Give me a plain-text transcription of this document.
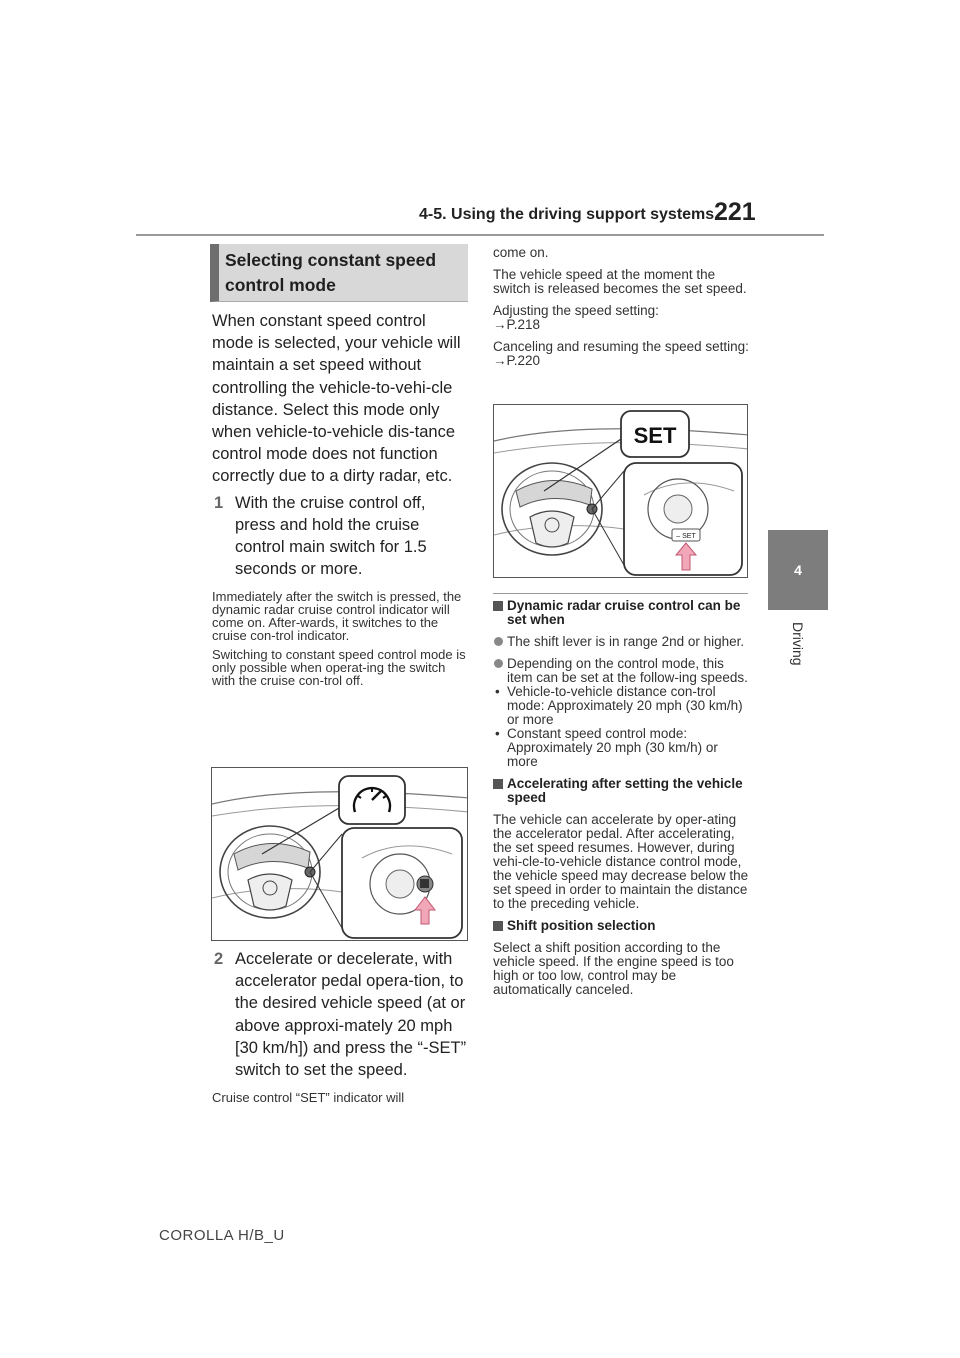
4-5. Using the driving support systems 221
4
Driving
Selecting constant speed control mode

When constant speed control mode is selected, your vehicle will maintain a set speed without controlling the vehicle-to-vehi-cle distance. Select this mode only when vehicle-to-vehicle dis-tance control mode does not function correctly due to a dirty radar, etc.

1 With the cruise control off, press and hold the cruise control main switch for 1.5 seconds or more.

Immediately after the switch is pressed, the dynamic radar cruise control indicator will come on. After-wards, it switches to the cruise con-trol indicator.

Switching to constant speed control mode is only possible when operat-ing the switch with the cruise con-trol off.

2 Accelerate or decelerate, with accelerator pedal opera-tion, to the desired vehicle speed (at or above approxi-mately 20 mph [30 km/h]) and press the “-SET” switch to set the speed.

Cruise control “SET” indicator will

come on.

The vehicle speed at the moment the switch is released becomes the set speed.

Adjusting the speed setting:
→P.218

Canceling and resuming the speed setting: →P.220

SET
– SET

Dynamic radar cruise control can be set when

The shift lever is in range 2nd or higher.

Depending on the control mode, this item can be set at the follow-ing speeds.

• Vehicle-to-vehicle distance con-trol mode: Approximately 20 mph (30 km/h) or more

• Constant speed control mode: Approximately 20 mph (30 km/h) or more

Accelerating after setting the vehicle speed

The vehicle can accelerate by oper-ating the accelerator pedal. After accelerating, the set speed resumes. However, during vehi-cle-to-vehicle distance control mode, the vehicle speed may decrease below the set speed in order to maintain the distance to the preceding vehicle.

Shift position selection

Select a shift position according to the vehicle speed. If the engine speed is too high or too low, control may be automatically canceled.

COROLLA H/B_U
